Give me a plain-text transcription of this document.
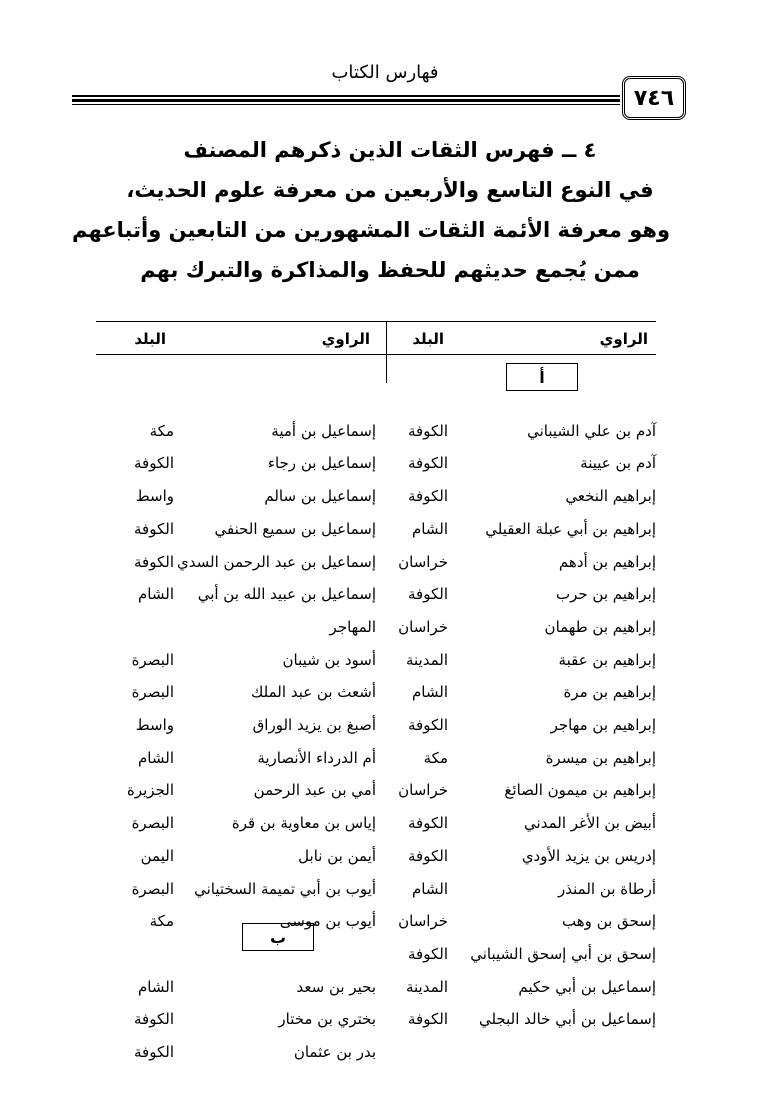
فهارس الكتاب
٧٤٦
٤ ــ فهرس الثقات الذين ذكرهم المصنف
في النوع التاسع والأربعين من معرفة علوم الحديث،
وهو معرفة الأئمة الثقات المشهورين من التابعين وأتباعهم
ممن يُجمع حديثهم للحفظ والمذاكرة والتبرك بهم
الراوي
البلد
الراوي
البلد
أ
ب
آدم بن علي الشيباني
الكوفة
آدم بن عيينة
الكوفة
إبراهيم النخعي
الكوفة
إبراهيم بن أبي عبلة العقيلي
الشام
إبراهيم بن أدهم
خراسان
إبراهيم بن حرب
الكوفة
إبراهيم بن طهمان
خراسان
إبراهيم بن عقبة
المدينة
إبراهيم بن مرة
الشام
إبراهيم بن مهاجر
الكوفة
إبراهيم بن ميسرة
مكة
إبراهيم بن ميمون الصائغ
خراسان
أبيض بن الأغر المدني
الكوفة
إدريس بن يزيد الأودي
الكوفة
أرطاة بن المنذر
الشام
إسحق بن وهب
خراسان
إسحق بن أبي إسحق الشيباني
الكوفة
إسماعيل بن أبي حكيم
المدينة
إسماعيل بن أبي خالد البجلي
الكوفة
إسماعيل بن أمية
مكة
إسماعيل بن رجاء
الكوفة
إسماعيل بن سالم
واسط
إسماعيل بن سميع الحنفي
الكوفة
إسماعيل بن عبد الرحمن السدي
الكوفة
إسماعيل بن عبيد الله بن أبي
الشام
المهاجر
أسود بن شيبان
البصرة
أشعث بن عبد الملك
البصرة
أصبغ بن يزيد الوراق
واسط
أم الدرداء الأنصارية
الشام
أمي بن عبد الرحمن
الجزيرة
إياس بن معاوية بن قرة
البصرة
أيمن بن نابل
اليمن
أيوب بن أبي تميمة السختياني
البصرة
أيوب بن موسى
مكة
بحير بن سعد
الشام
بختري بن مختار
الكوفة
بدر بن عثمان
الكوفة
